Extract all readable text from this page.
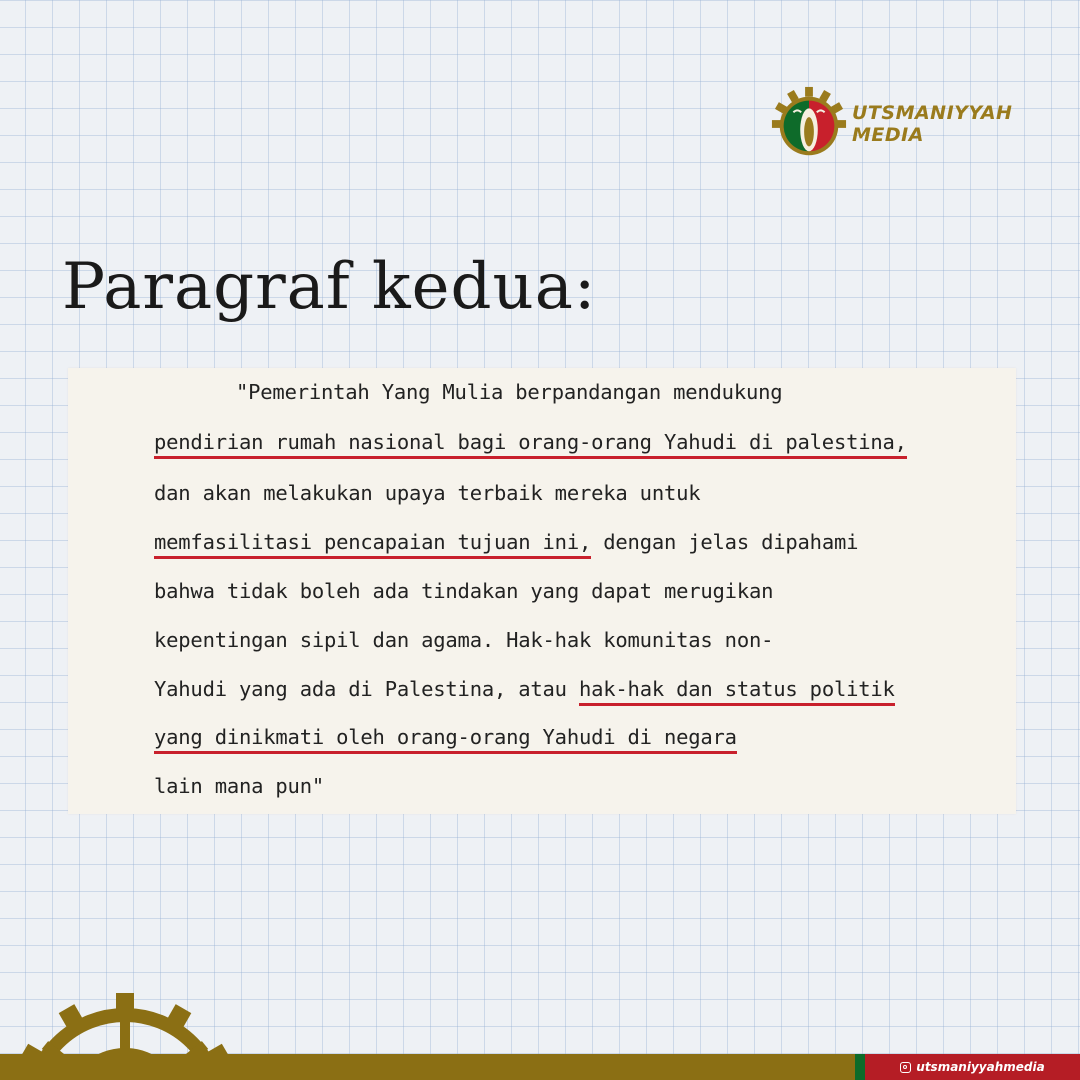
UTSMANIYYAH
MEDIA
Paragraf kedua:
"Pemerintah Yang Mulia berpandangan mendukung
pendirian rumah nasional bagi orang-orang Yahudi di palestina,
dan akan melakukan upaya terbaik mereka untuk
memfasilitasi pencapaian tujuan ini, dengan jelas dipahami
bahwa tidak boleh ada tindakan yang dapat merugikan
kepentingan sipil dan agama. Hak-hak komunitas non-
Yahudi yang ada di Palestina, atau hak-hak dan status politik
yang dinikmati oleh orang-orang Yahudi di negara
lain mana pun"
utsmaniyyahmedia
